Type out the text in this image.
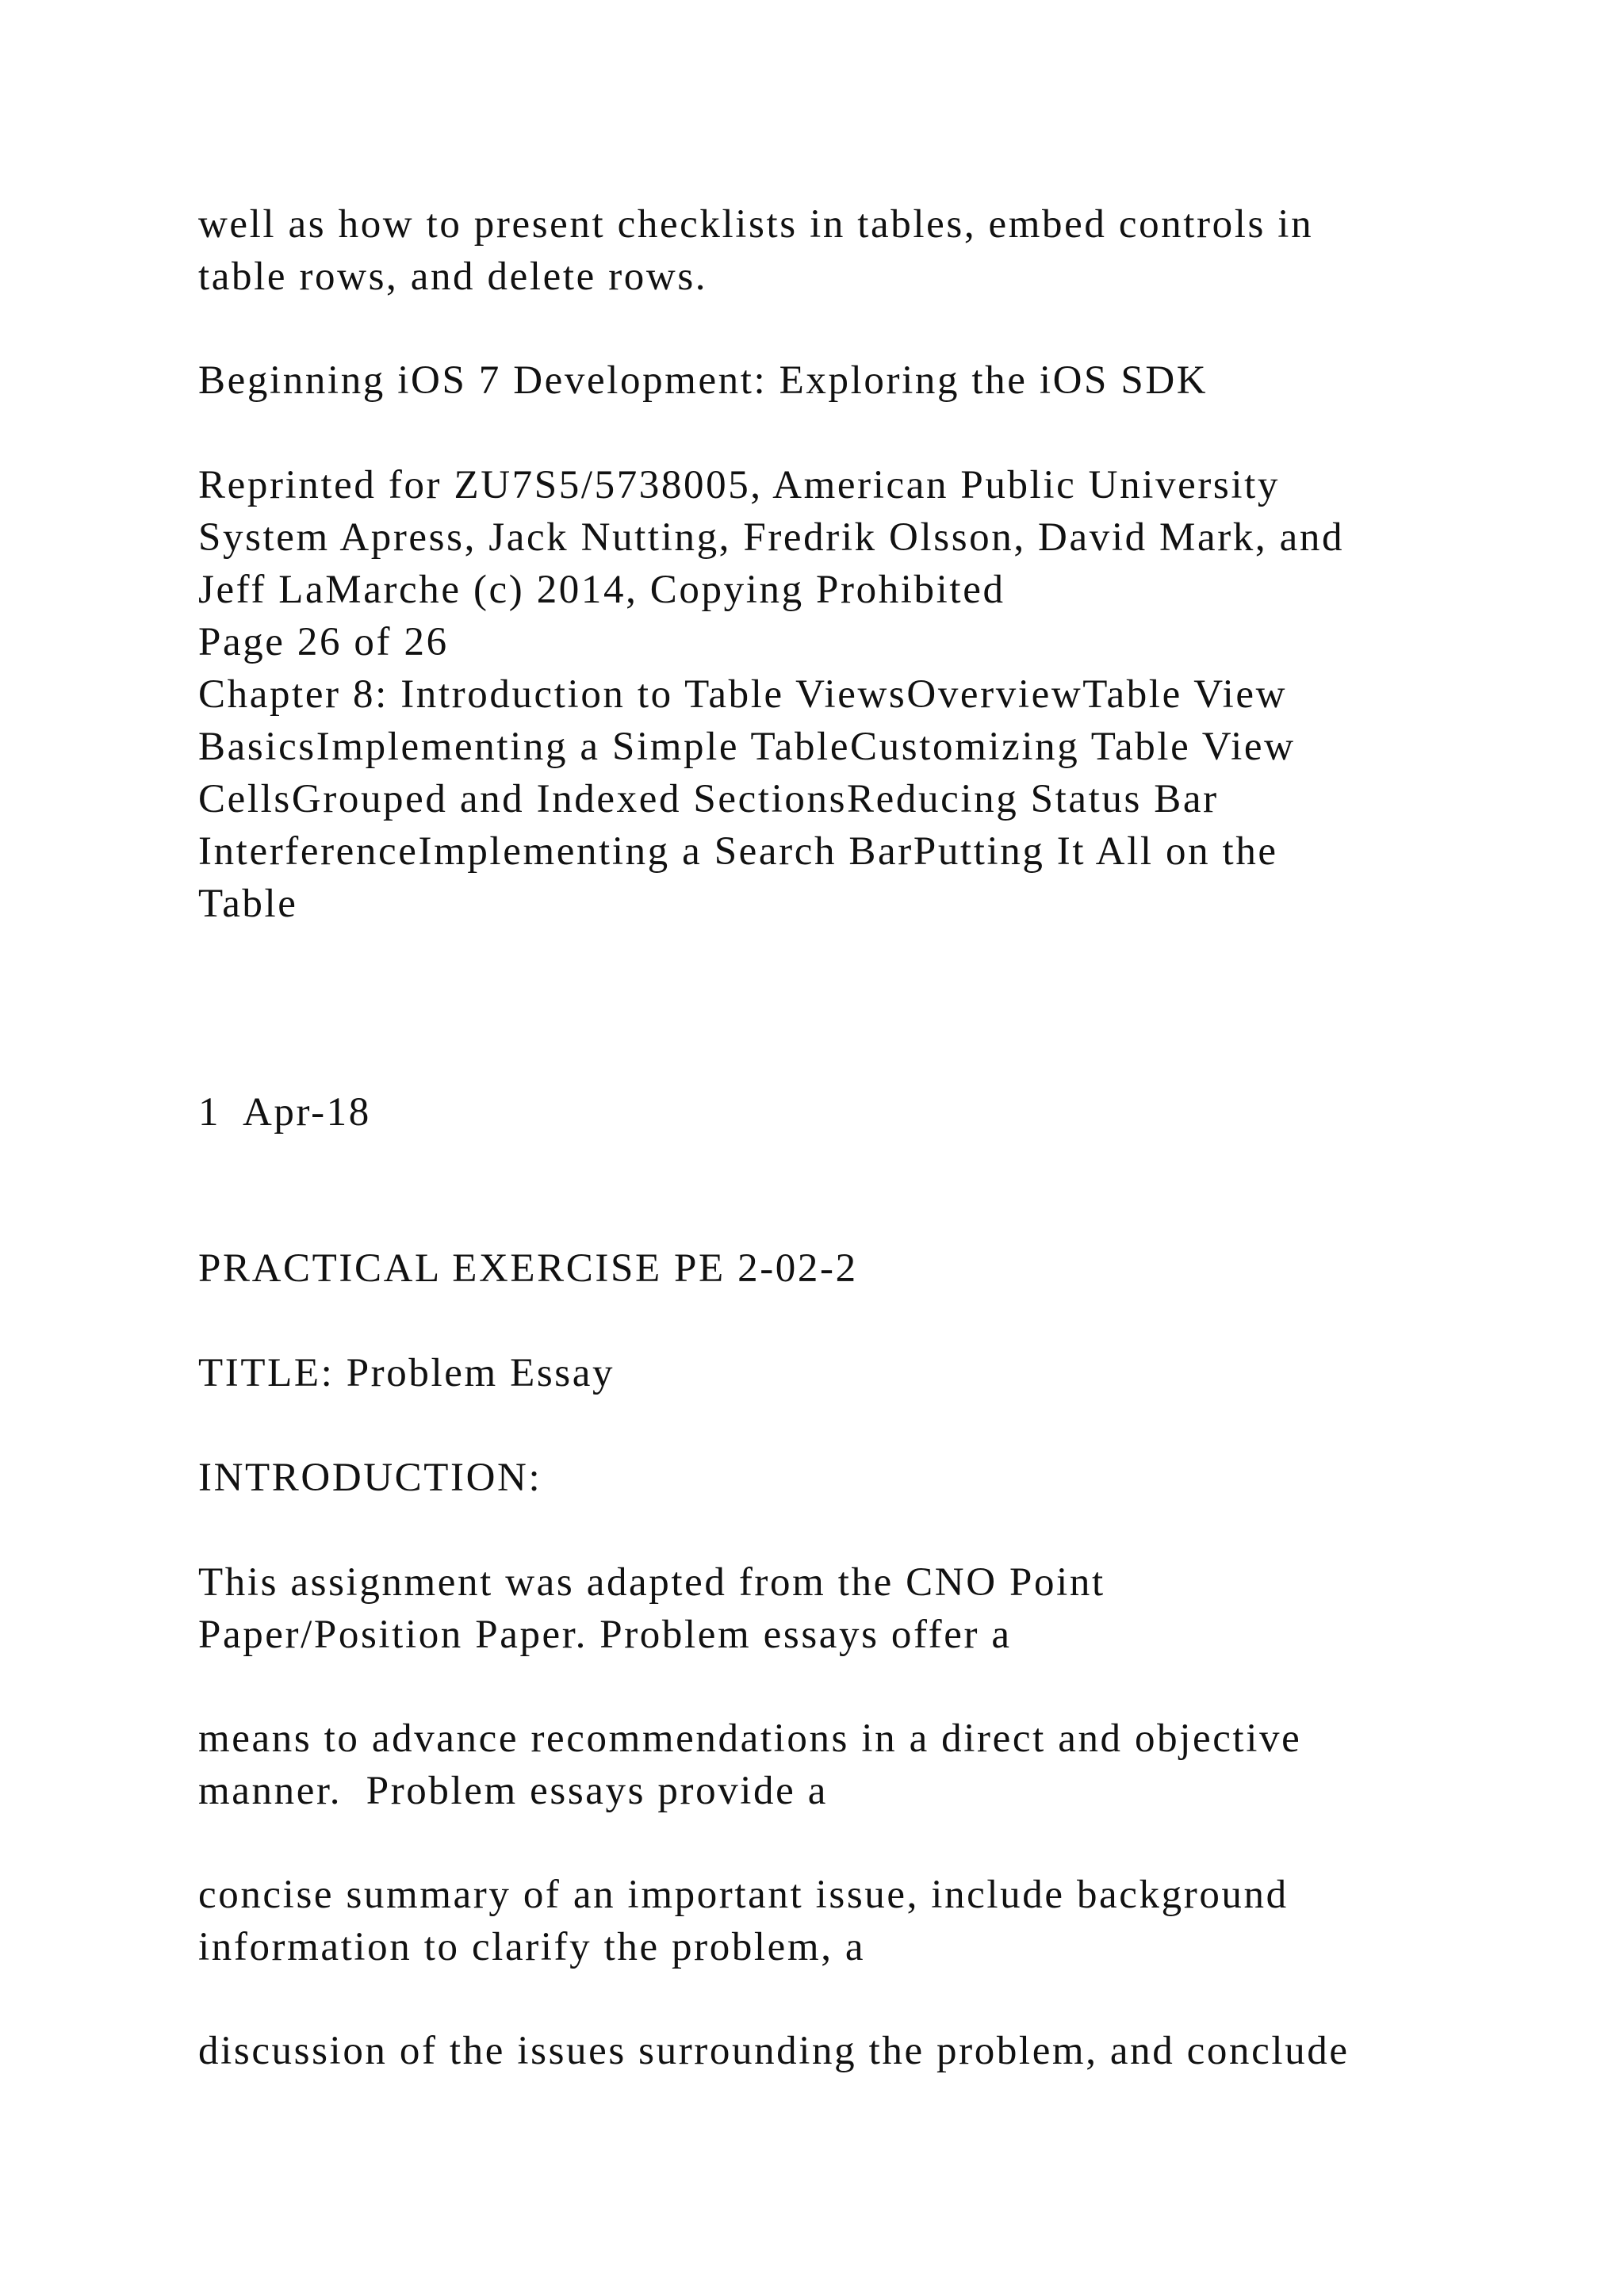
well as how to present checklists in tables, embed controls in

table rows, and delete rows.

Beginning iOS 7 Development: Exploring the iOS SDK

Reprinted for ZU7S5/5738005, American Public University

System Apress, Jack Nutting, Fredrik Olsson, David Mark, and

Jeff LaMarche (c) 2014, Copying Prohibited

Page 26 of 26

Chapter 8: Introduction to Table ViewsOverviewTable View

BasicsImplementing a Simple TableCustomizing Table View

CellsGrouped and Indexed SectionsReducing Status Bar

InterferenceImplementing a Search BarPutting It All on the

Table

1  Apr-18

PRACTICAL EXERCISE PE 2-02-2

TITLE: Problem Essay

INTRODUCTION:

This assignment was adapted from the CNO Point

Paper/Position Paper. Problem essays offer a

means to advance recommendations in a direct and objective

manner.  Problem essays provide a

concise summary of an important issue, include background

information to clarify the problem, a

discussion of the issues surrounding the problem, and conclude
